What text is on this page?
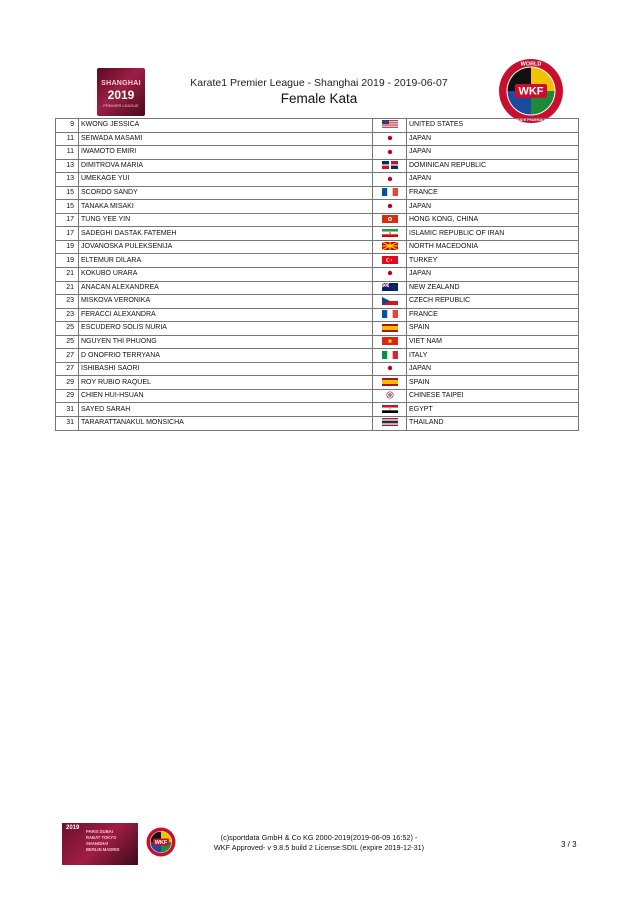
SHANGHAI
2019
PREMIER LEAGUE
Karate1 Premier League - Shanghai 2019 - 2019-06-07
Female Kata	WKF
WORLD
KARATE FEDERATION
9	KWONG JESSICA		UNITED STATES
11	SEIWADA MASAMI		JAPAN
11	IWAMOTO EMIRI		JAPAN
13	DIMITROVA MARIA		DOMINICAN REPUBLIC
13	UMEKAGE YUI		JAPAN
15	SCORDO SANDY		FRANCE
15	TANAKA MISAKI		JAPAN
17	TUNG YEE YIN		HONG KONG, CHINA
17	SADEGHI DASTAK FATEMEH		ISLAMIC REPUBLIC OF IRAN
19	JOVANOSKA PULEKSENIJA		NORTH MACEDONIA
19	ELTEMUR DILARA		TURKEY
21	KOKUBO URARA		JAPAN
21	ANACAN ALEXANDREA		NEW ZEALAND
23	MISKOVA VERONIKA		CZECH REPUBLIC
23	FERACCI ALEXANDRA		FRANCE
25	ESCUDERO SOLIS NURIA		SPAIN
25	NGUYEN THI PHUONG		VIET NAM
27	D ONOFRIO TERRYANA		ITALY
27	ISHIBASHI SAORI		JAPAN
29	ROY RUBIO RAQUEL		SPAIN
29	CHIEN HUI-HSUAN		CHINESE TAIPEI
31	SAYED SARAH		EGYPT
31	TARARATTANAKUL MONSICHA		THAILAND
2019
PARIS DUBAI
RABAT TOKYO
SHANGHAI
BERLIN MADRID
WKF
(c)sportdata GmbH & Co KG 2000-2019(2019-06-09 16:52) -
WKF Approved- v 9.8.5 build 2 License:SDIL (expire 2019-12-31)	3 / 3
